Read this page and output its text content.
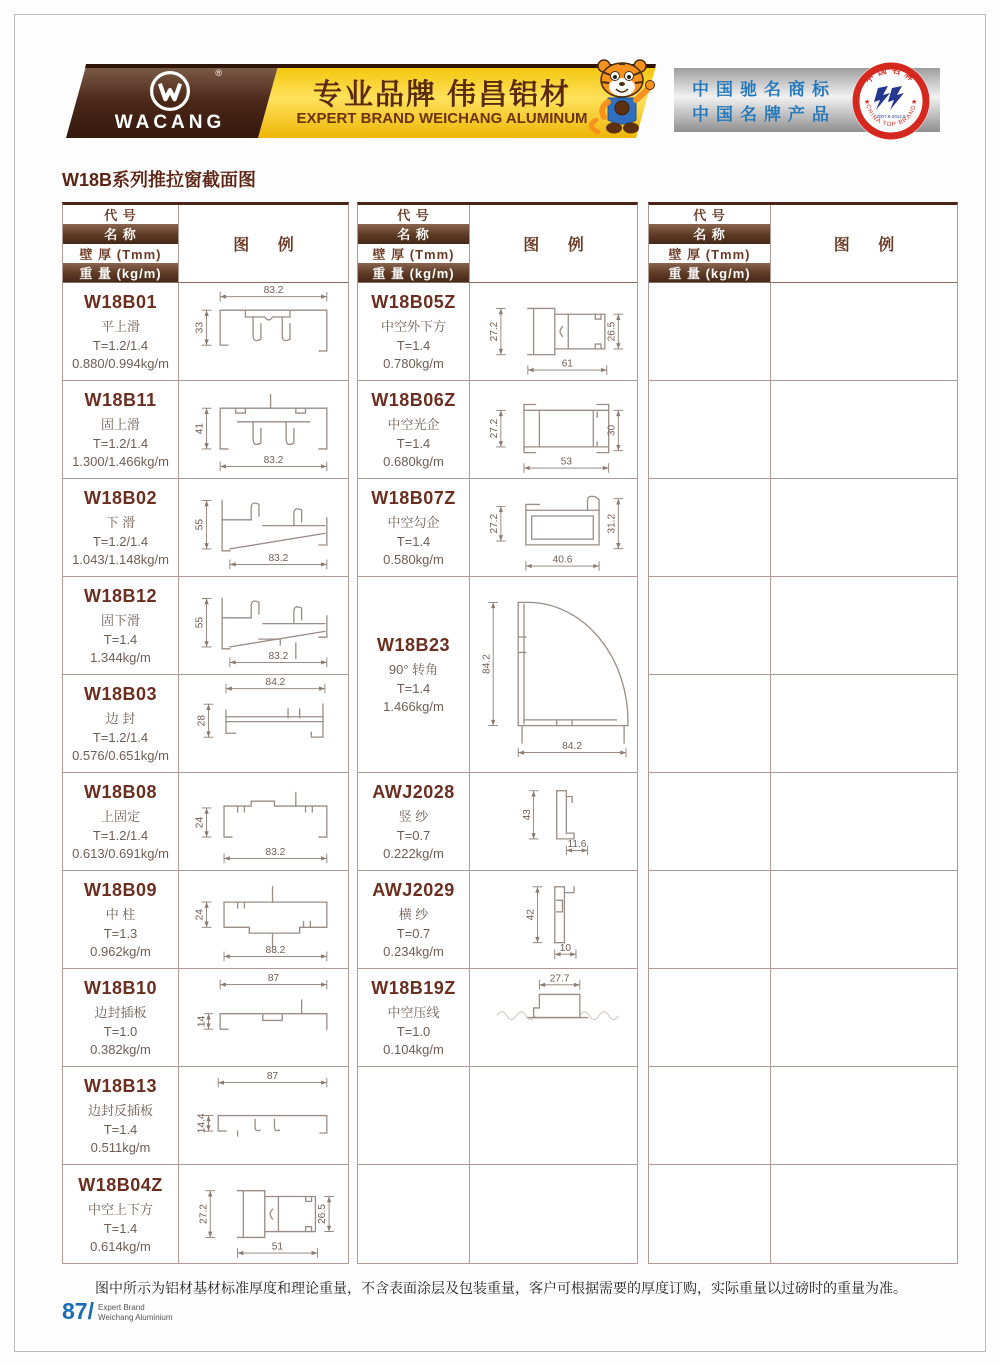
®
WACANG
专业品牌 伟昌铝材
EXPERT BRAND WEICHANG ALUMINUM
中国驰名商标
中国名牌产品
中国名牌
CHINA TOP BRAND
★	★
2007.9-2012.9
W18B系列推拉窗截面图
代 号
名 称
壁 厚 (Tmm)
重 量 (kg/m)
图 例
W18B01
平上滑
T=1.2/1.4
0.880/0.994kg/m
83.2
33
W18B11
固上滑
T=1.2/1.4
1.300/1.466kg/m	83.2
41
W18B02
下 滑
T=1.2/1.4
1.043/1.148kg/m	83.2
55
W18B12
固下滑
T=1.4
1.344kg/m	83.2
55
W18B03
边 封
T=1.2/1.4
0.576/0.651kg/m
84.2
28
W18B08
上固定
T=1.2/1.4
0.613/0.691kg/m	83.2
24
W18B09
中 柱
T=1.3
0.962kg/m	83.2
24
W18B10
边封插板
T=1.0
0.382kg/m
87
14
W18B13
边封反插板
T=1.4
0.511kg/m
87
14.4
W18B04Z
中空上下方
T=1.4
0.614kg/m	51
27.2	26.5
代 号
名 称
壁 厚 (Tmm)
重 量 (kg/m)
图 例
W18B05Z
中空外下方
T=1.4
0.780kg/m	61
27.2	26.5
W18B06Z
中空光企
T=1.4
0.680kg/m	53
27.2	30
W18B07Z
中空勾企
T=1.4
0.580kg/m	40.6
27.2	31.2
W18B23
90° 转角
T=1.4
1.466kg/m
84.2
84.2
AWJ2028
竖 纱
T=0.7
0.222kg/m
11.6
43
AWJ2029
横 纱
T=0.7
0.234kg/m	10
42
W18B19Z
中空压线
T=1.0
0.104kg/m
27.7
代 号
名 称
壁 厚 (Tmm)
重 量 (kg/m)
图 例

图中所示为铝材基材标准厚度和理论重量，不含表面涂层及包装重量，客户可根据需要的厚度订购，实际重量以过磅时的重量为准。

87/ Expert Brand
Weichang Aluminium
